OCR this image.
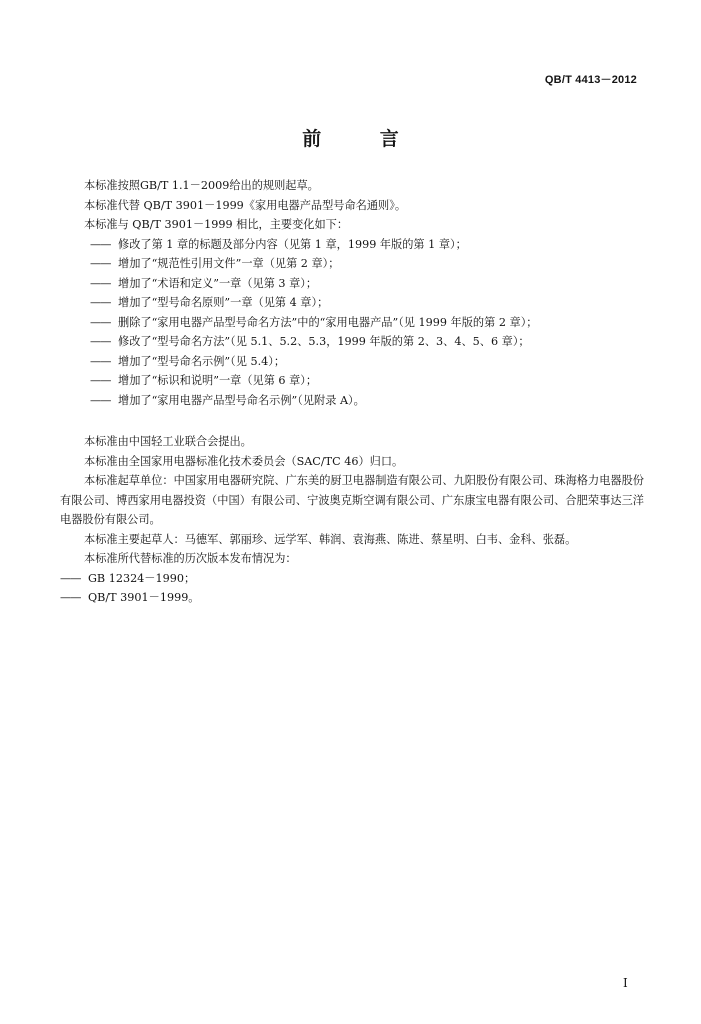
QB/T 4413－2012
前 言
本标准按照GB/T 1.1－2009给出的规则起草。
本标准代替 QB/T 3901－1999《家用电器产品型号命名通则》。
本标准与 QB/T 3901－1999 相比，主要变化如下：
—— 修改了第 1 章的标题及部分内容（见第 1 章，1999 年版的第 1 章）；
—— 增加了“规范性引用文件”一章（见第 2 章）；
—— 增加了“术语和定义”一章（见第 3 章）；
—— 增加了“型号命名原则”一章（见第 4 章）；
—— 删除了“家用电器产品型号命名方法”中的“家用电器产品”（见 1999 年版的第 2 章）；
—— 修改了“型号命名方法”（见 5.1、5.2、5.3，1999 年版的第 2、3、4、5、6 章）；
—— 增加了“型号命名示例”（见 5.4）；
—— 增加了“标识和说明”一章（见第 6 章）；
—— 增加了“家用电器产品型号命名示例”（见附录 A）。
本标准由中国轻工业联合会提出。
本标准由全国家用电器标准化技术委员会（SAC/TC 46）归口。
本标准起草单位：中国家用电器研究院、广东美的厨卫电器制造有限公司、九阳股份有限公司、珠海格力电器股份有限公司、博西家用电器投资（中国）有限公司、宁波奥克斯空调有限公司、广东康宝电器有限公司、合肥荣事达三洋电器股份有限公司。
本标准主要起草人：马德军、郭丽珍、远学军、韩润、袁海燕、陈进、蔡星明、白韦、金科、张磊。
本标准所代替标准的历次版本发布情况为：
—— GB 12324－1990；
—— QB/T 3901－1999。
I
